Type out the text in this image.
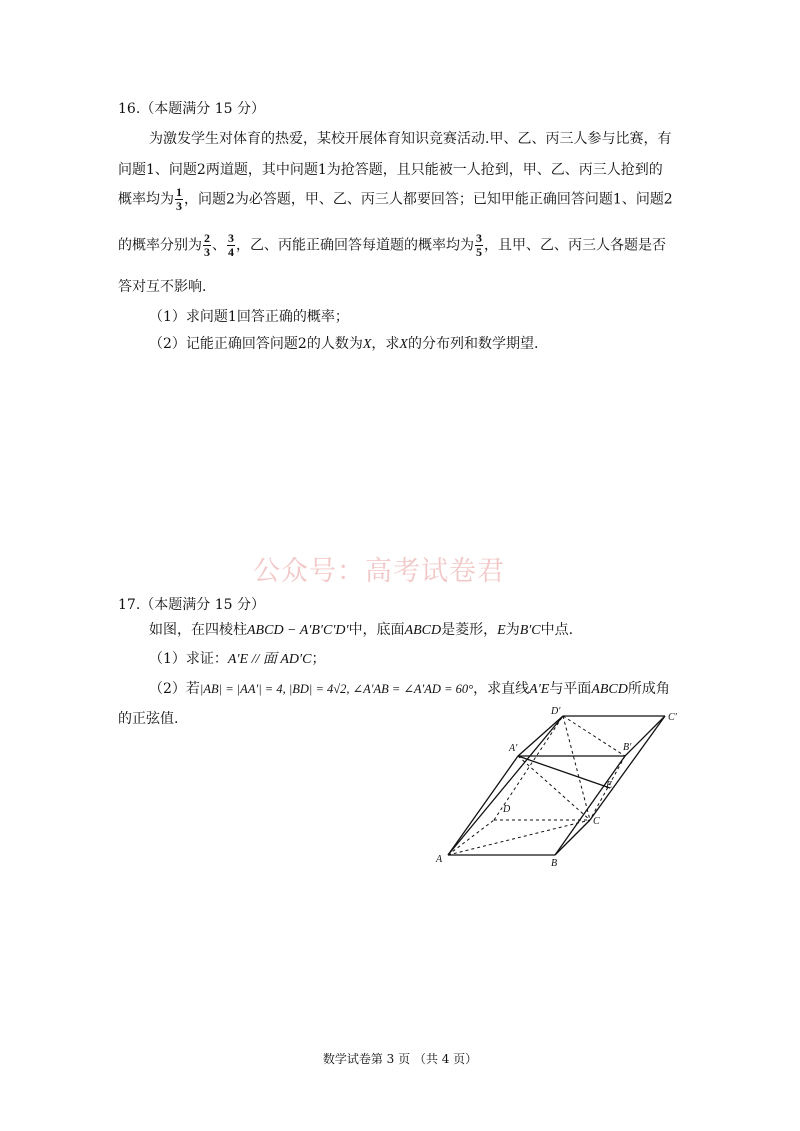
16.（本题满分 15 分）
为激发学生对体育的热爱，某校开展体育知识竞赛活动.甲、乙、丙三人参与比赛，有
问题1、问题2两道题，其中问题1为抢答题，且只能被一人抢到，甲、乙、丙三人抢到的
概率均为 $\frac{1}{3}$ ，问题2为必答题，甲、乙、丙三人都要回答；已知甲能正确回答问题1、问题2
的概率分别为 $\frac{2}{3}$ 、 $\frac{3}{4}$ ，乙、丙能正确回答每道题的概率均为 $\frac{3}{5}$ ，且甲、乙、丙三人各题是否
答对互不影响.
（1）求问题1回答正确的概率；
（2）记能正确回答问题2的人数为X，求X的分布列和数学期望.
公众号：高考试卷君
17.（本题满分 15 分）
如图，在四棱柱ABCD − A′B′C′D′中，底面ABCD是菱形，E为B′C中点.
（1）求证：A′E // 面 AD′C；
（2）若|AB| = |AA′| = 4, |BD| = 4√2, ∠A′AB = ∠A′AD = 60°，求直线A′E与平面ABCD所成角
的正弦值.
A	B
C
D
A′	B′
C′
D′
E
数学试卷第 3 页 （共 4 页）
